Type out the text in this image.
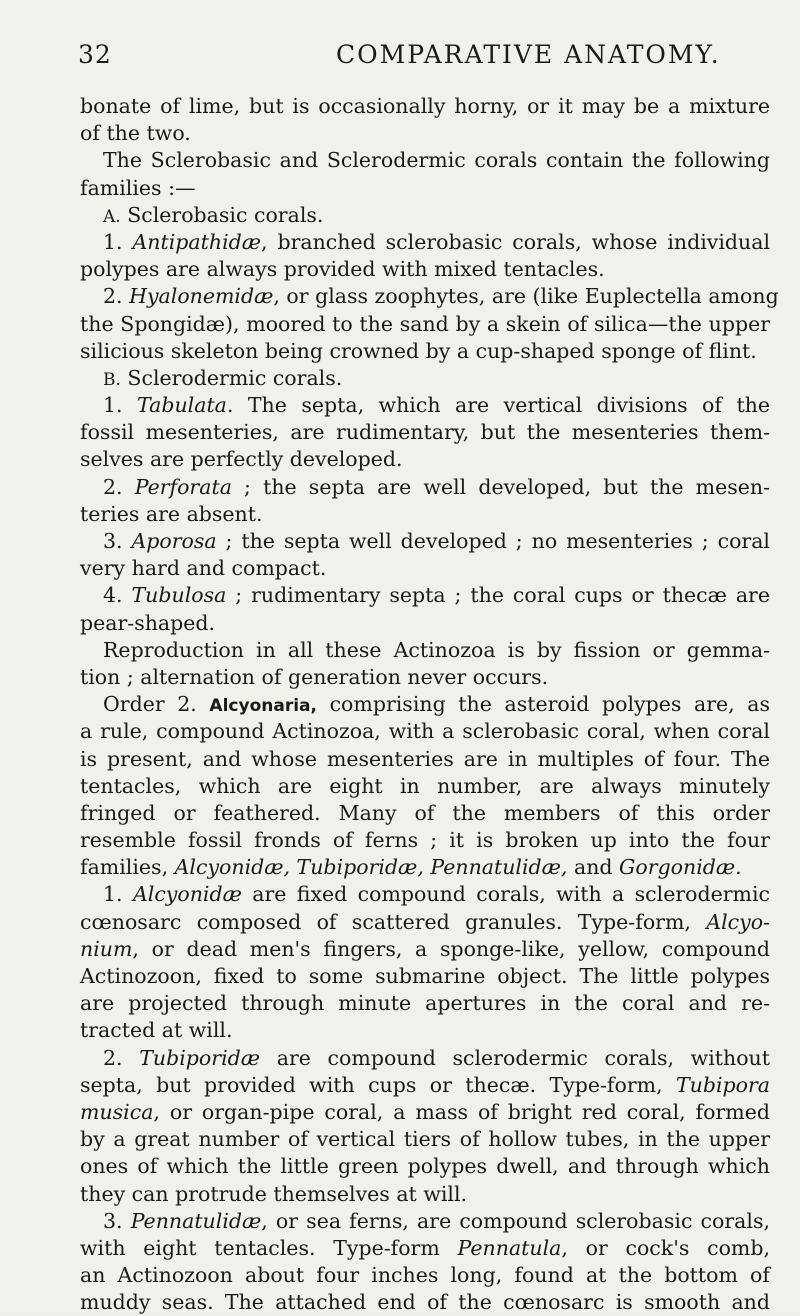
32	COMPARATIVE ANATOMY.
bonate of lime, but is occasionally horny, or it may be a mixture
of the two.
The Sclerobasic and Sclerodermic corals contain the following
families :—
A. Sclerobasic corals.
1. Antipathidæ, branched sclerobasic corals, whose individual
polypes are always provided with mixed tentacles.
2. Hyalonemidæ, or glass zoophytes, are (like Euplectella among
the Spongidæ), moored to the sand by a skein of silica—the upper
silicious skeleton being crowned by a cup-shaped sponge of flint.
B. Sclerodermic corals.
1. Tabulata. The septa, which are vertical divisions of the
fossil mesenteries, are rudimentary, but the mesenteries them-
selves are perfectly developed.
2. Perforata ; the septa are well developed, but the mesen-
teries are absent.
3. Aporosa ; the septa well developed ; no mesenteries ; coral
very hard and compact.
4. Tubulosa ; rudimentary septa ; the coral cups or thecæ are
pear-shaped.
Reproduction in all these Actinozoa is by fission or gemma-
tion ; alternation of generation never occurs.
Order 2. Alcyonaria, comprising the asteroid polypes are, as
a rule, compound Actinozoa, with a sclerobasic coral, when coral
is present, and whose mesenteries are in multiples of four. The
tentacles, which are eight in number, are always minutely
fringed or feathered. Many of the members of this order
resemble fossil fronds of ferns ; it is broken up into the four
families, Alcyonidæ, Tubiporidæ, Pennatulidæ, and Gorgonidæ.
1. Alcyonidæ are fixed compound corals, with a sclerodermic
cœnosarc composed of scattered granules. Type-form, Alcyo-
nium, or dead men's fingers, a sponge-like, yellow, compound
Actinozoon, fixed to some submarine object. The little polypes
are projected through minute apertures in the coral and re-
tracted at will.
2. Tubiporidæ are compound sclerodermic corals, without
septa, but provided with cups or thecæ. Type-form, Tubipora
musica, or organ-pipe coral, a mass of bright red coral, formed
by a great number of vertical tiers of hollow tubes, in the upper
ones of which the little green polypes dwell, and through which
they can protrude themselves at will.
3. Pennatulidæ, or sea ferns, are compound sclerobasic corals,
with eight tentacles. Type-form Pennatula, or cock's comb,
an Actinozoon about four inches long, found at the bottom of
muddy seas. The attached end of the cœnosarc is smooth and
